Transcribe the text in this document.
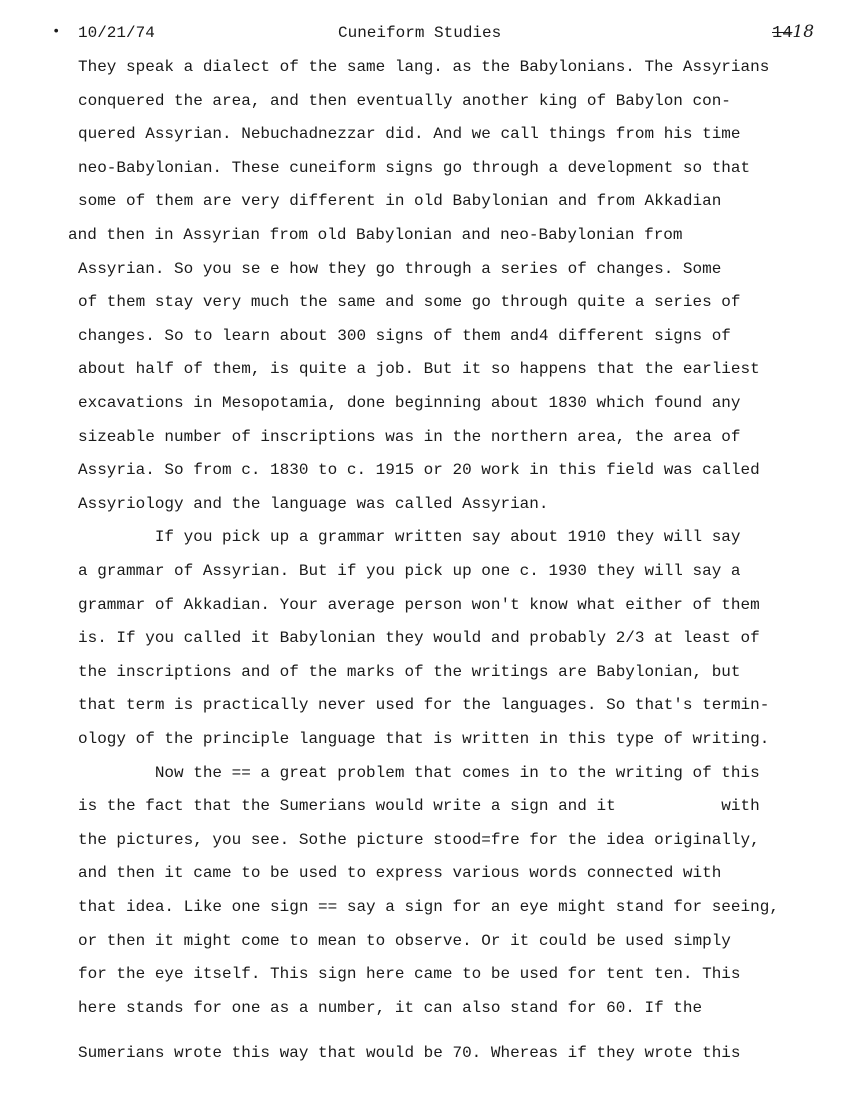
• 10/21/74	Cuneiform Studies	1418
They speak a dialect of the same lang. as the Babylonians. The Assyrians
conquered the area, and then eventually another king of Babylon con-
quered Assyrian. Nebuchadnezzar did. And we call things from his time
neo-Babylonian. These cuneiform signs go through a development so that
some of them are very different in old Babylonian and from Akkadian
and then in Assyrian from old Babylonian and neo-Babylonian from
Assyrian. So you se e how they go through a series of changes. Some
of them stay very much the same and some go through quite a series of
changes. So to learn about 300 signs of them and4 different signs of
about half of them, is quite a job. But it so happens that the earliest
excavations in Mesopotamia, done beginning about 1830 which found any
sizeable number of inscriptions was in the northern area, the area of
Assyria. So from c. 1830 to c. 1915 or 20 work in this field was called
Assyriology and the language was called Assyrian.
If you pick up a grammar written say about 1910 they will say
a grammar of Assyrian. But if you pick up one c. 1930 they will say a
grammar of Akkadian. Your average person won't know what either of them
is. If you called it Babylonian they would and probably 2/3 at least of
the inscriptions and of the marks of the writings are Babylonian, but
that term is practically never used for the languages. So that's termin-
ology of the principle language that is written in this type of writing.
Now the == a great problem that comes in to the writing of this
is the fact that the Sumerians would write a sign and it           with
the pictures, you see. Sothe picture stood=fre for the idea originally,
and then it came to be used to express various words connected with
that idea. Like one sign == say a sign for an eye might stand for seeing,
or then it might come to mean to observe. Or it could be used simply
for the eye itself. This sign here came to be used for tent ten. This
here stands for one as a number, it can also stand for 60. If the
Sumerians wrote this way that would be 70. Whereas if they wrote this
